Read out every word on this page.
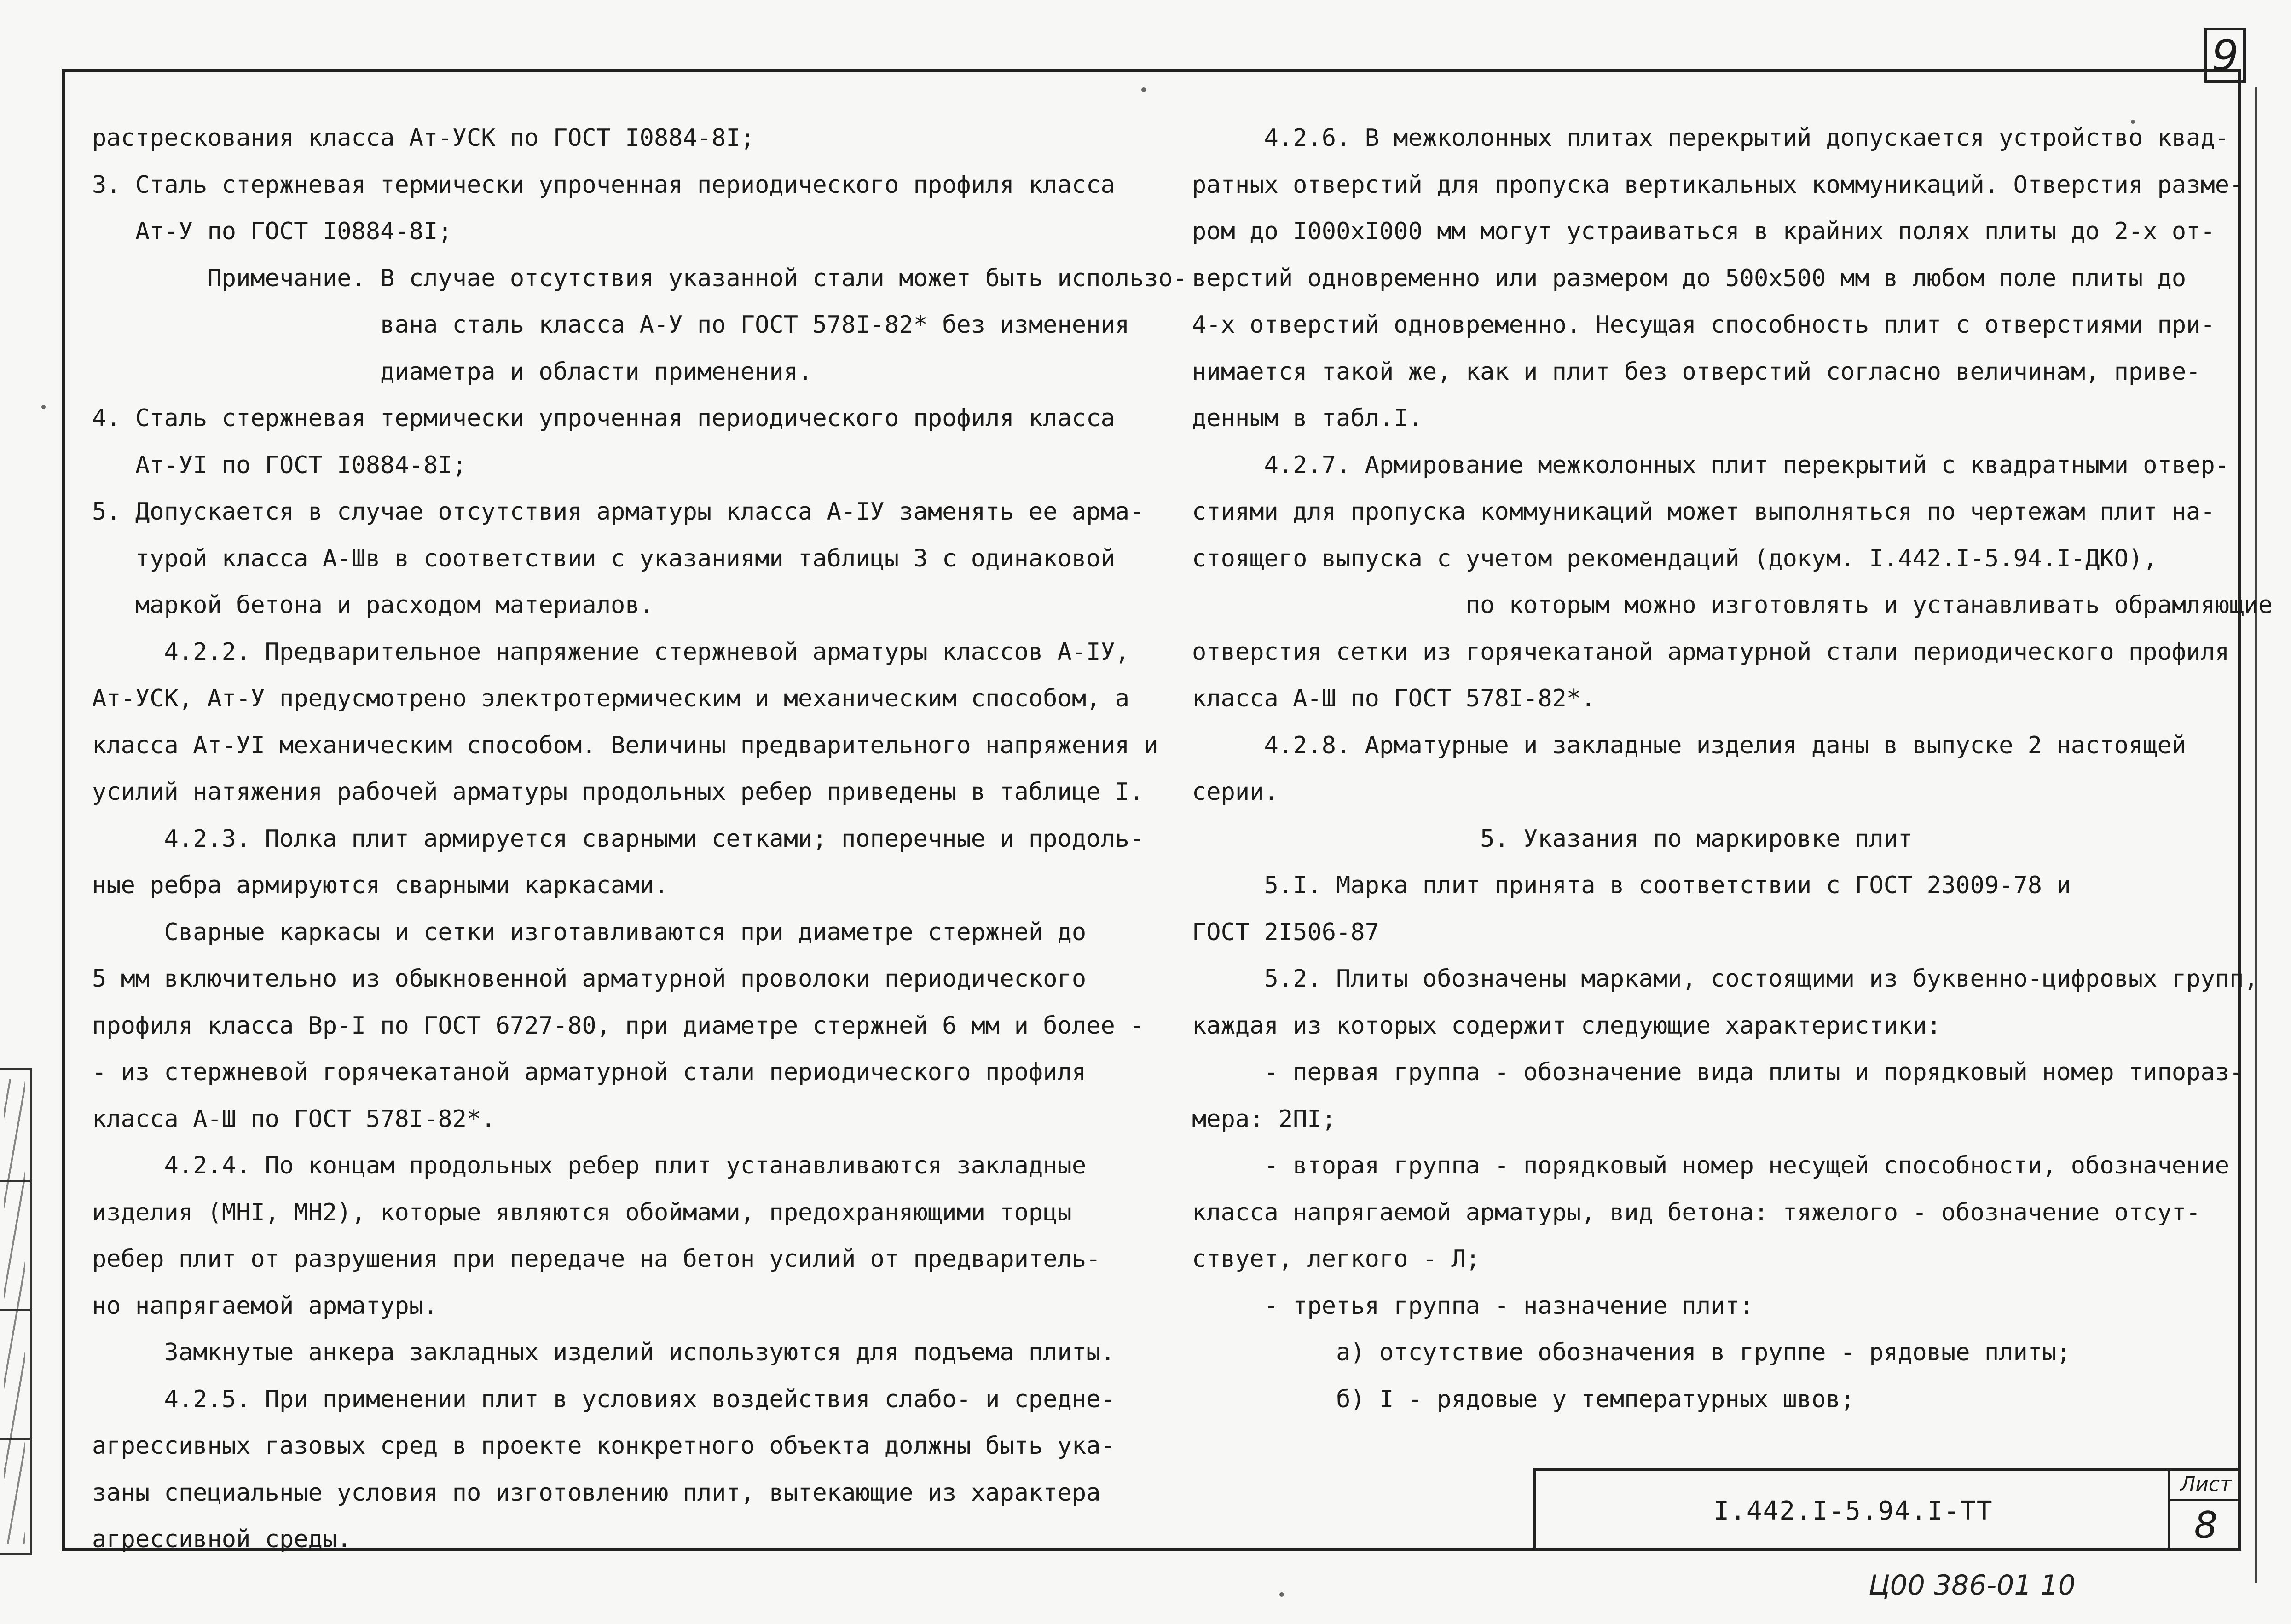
9
растрескования класса Ат-УСК по ГОСТ I0884-8I;
3. Сталь стержневая термически упроченная периодического профиля класса
Ат-У по ГОСТ I0884-8I;
Примечание. В случае отсутствия указанной стали может быть использо-
вана сталь класса А-У по ГОСТ 578I-82* без изменения
диаметра и области применения.
4. Сталь стержневая термически упроченная периодического профиля класса
Ат-УI по ГОСТ I0884-8I;
5. Допускается в случае отсутствия арматуры класса А-IУ заменять ее арма-
турой класса А-Шв в соответствии с указаниями таблицы 3 с одинаковой
маркой бетона и расходом материалов.
4.2.2. Предварительное напряжение стержневой арматуры классов А-IУ,
Ат-УСК, Ат-У предусмотрено электротермическим и механическим способом, а
класса Ат-УI механическим способом. Величины предварительного напряжения и
усилий натяжения рабочей арматуры продольных ребер приведены в таблице I.
4.2.3. Полка плит армируется сварными сетками; поперечные и продоль-
ные ребра армируются сварными каркасами.
Сварные каркасы и сетки изготавливаются при диаметре стержней до
5 мм включительно из обыкновенной арматурной проволоки периодического
профиля класса Вр-I по ГОСТ 6727-80, при диаметре стержней 6 мм и более -
- из стержневой горячекатаной арматурной стали периодического профиля
класса А-Ш по ГОСТ 578I-82*.
4.2.4. По концам продольных ребер плит устанавливаются закладные
изделия (МНI, МН2), которые являются обоймами, предохраняющими торцы
ребер плит от разрушения при передаче на бетон усилий от предваритель-
но напрягаемой арматуры.
Замкнутые анкера закладных изделий используются для подъема плиты.
4.2.5. При применении плит в условиях воздействия слабо- и средне-
агрессивных газовых сред в проекте конкретного объекта должны быть ука-
заны специальные условия по изготовлению плит, вытекающие из характера
агрессивной среды.
4.2.6. В межколонных плитах перекрытий допускается устройство квад-
ратных отверстий для пропуска вертикальных коммуникаций. Отверстия разме-
ром до I000хI000 мм могут устраиваться в крайних полях плиты до 2-х от-
верстий одновременно или размером до 500х500 мм в любом поле плиты до
4-х отверстий одновременно. Несущая способность плит с отверстиями при-
нимается такой же, как и плит без отверстий согласно величинам, приве-
денным в табл.I.
4.2.7. Армирование межколонных плит перекрытий с квадратными отвер-
стиями для пропуска коммуникаций может выполняться по чертежам плит на-
стоящего выпуска с учетом рекомендаций (докум. I.442.I-5.94.I-ДКО),
по которым можно изготовлять и устанавливать обрамляющие
отверстия сетки из горячекатаной арматурной стали периодического профиля
класса А-Ш по ГОСТ 578I-82*.
4.2.8. Арматурные и закладные изделия даны в выпуске 2 настоящей
серии.
5. Указания по маркировке плит
5.I. Марка плит принята в соответствии с ГОСТ 23009-78 и
ГОСТ 2I506-87
5.2. Плиты обозначены марками, состоящими из буквенно-цифровых групп,
каждая из которых содержит следующие характеристики:
- первая группа - обозначение вида плиты и порядковый номер типораз-
мера: 2ПI;
- вторая группа - порядковый номер несущей способности, обозначение
класса напрягаемой арматуры, вид бетона: тяжелого - обозначение отсут-
ствует, легкого - Л;
- третья группа - назначение плит:
а) отсутствие обозначения в группе - рядовые плиты;
б) I - рядовые у температурных швов;
I.442.I-5.94.I-ТТ
Лист
8
Ц00 386-01 10
